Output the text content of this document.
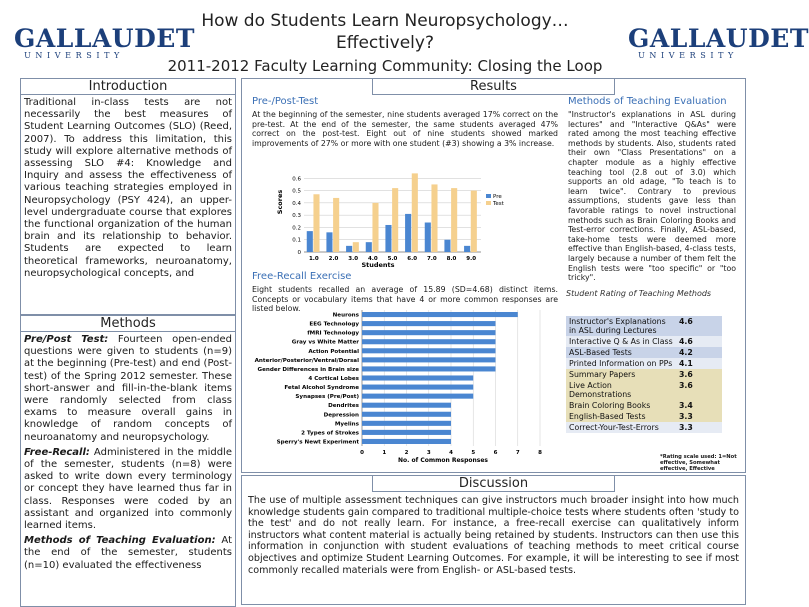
GALLAUDET
UNIVERSITY
GALLAUDET
UNIVERSITY
How do Students Learn Neuropsychology…
Effectively?
2011-2012 Faculty Learning Community: Closing the Loop
Introduction
Traditional in-class tests are not necessarily the best measures of Student Learning Outcomes (SLO) (Reed, 2007). To address this limitation, this study will explore alternative methods of assessing SLO #4: Knowledge and Inquiry and assess the effectiveness of various teaching strategies employed in Neuropsychology (PSY 424), an upper-level undergraduate course that explores the functional organization of the human brain and its relationship to behavior. Students are expected to learn theoretical frameworks, neuroanatomy, neuropsychological concepts, and
Methods
Pre/Post Test: Fourteen open-ended questions were given to students (n=9) at the beginning (Pre-test) and end (Post-test) of the Spring 2012 semester. These short-answer and fill-in-the-blank items were randomly selected from class exams to measure overall gains in knowledge of random concepts of neuroanatomy and neuropsychology.
Free-Recall: Administered in the middle of the semester, students (n=8) were asked to write down every terminology or concept they have learned thus far in class. Responses were coded by an assistant and organized into commonly learned items.
Methods of Teaching Evaluation: At the end of the semester, students (n=10) evaluated the effectiveness
Results
Pre-/Post-Test
At the beginning of the semester, nine students averaged 17% correct on the pre-test. At the end of the semester, the same students averaged 47% correct on the post-test. Eight out of nine students showed marked improvements of 27% or more with one student (#3) showing a 3% increase.
0
0.1
0.2
0.3
0.4
0.5
0.6
1.0 2.0 3.0 4.0 5.0 6.0 7.0 8.0 9.0
Scores
Students
Pre
Test
Free-Recall Exercise
Eight students recalled an average of 15.89 (SD=4.68) distinct items. Concepts or vocabulary items that have 4 or more common responses are listed below.
Neurons
EEG Technology
fMRI Technology
Gray vs White Matter
Action Potential
Anterior/Posterior/Ventral/Dorsal
Gender Differences in Brain size
4 Cortical Lobes
Fetal Alcohol Syndrome
Synapses (Pre/Post)
Dendrites
Depression
Myelins
2 Types of Strokes
Sperry's Newt Experiment
0	1	2	3	4	5	6	7	8
No. of Common Responses
Methods of Teaching Evaluation
"Instructor's explanations in ASL during lectures" and "Interactive Q&As" were rated among the most teaching effective methods by students. Also, students rated their own "Class Presentations" on a chapter module as a highly effective teaching tool (2.8 out of 3.0) which supports an old adage, "To teach is to learn twice". Contrary to previous assumptions, students gave less than favorable ratings to novel instructional methods such as Brain Coloring Books and Test-error corrections. Finally, ASL-based, take-home tests were deemed more effective than English-based, 4-class tests, largely because a number of them felt the English tests were "too specific" or "too tricky".
Student Rating of Teaching Methods
Instructor's Explanations in ASL during Lectures	4.6
Interactive Q & As in Class	4.6
ASL-Based Tests	4.2
Printed Information on PPs	4.1
Summary Papers	3.6
Live Action Demonstrations	3.6
Brain Coloring Books	3.4
English-Based Tests	3.3
Correct-Your-Test-Errors	3.3
*Rating scale used: 1=Not effective, Somewhat effective, Effective
Discussion
The use of multiple assessment techniques can give instructors much broader insight into how much knowledge students gain compared to traditional multiple-choice tests where students often 'study to the test' and do not really learn. For instance, a free-recall exercise can qualitatively inform instructors what content material is actually being retained by students. Instructors can then use this information in conjunction with student evaluations of teaching methods to meet critical course objectives and optimize Student Learning Outcomes. For example, it will be interesting to see if most commonly recalled materials were from English- or ASL-based tests.
